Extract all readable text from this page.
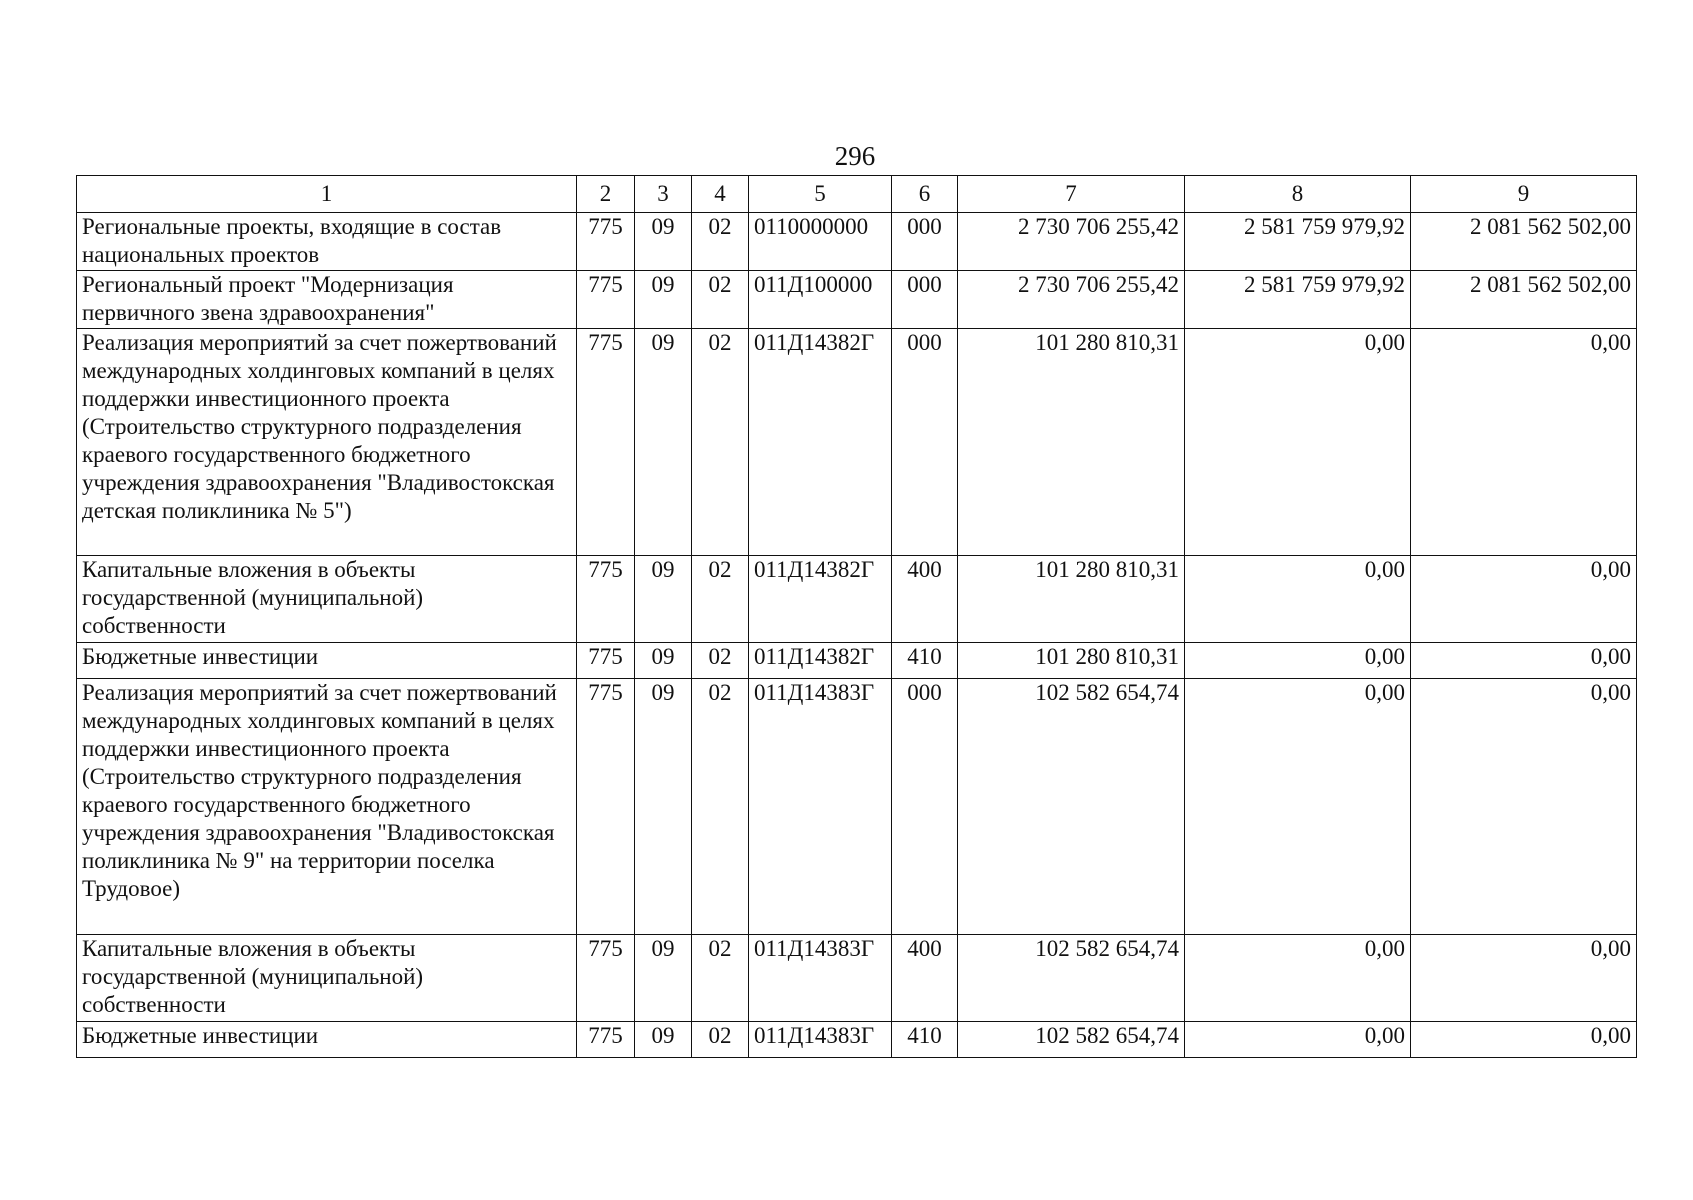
296
1	2	3	4	5	6	7	8	9
Региональные проекты, входящие в состав национальных проектов	775	09	02	0110000000	000	2 730 706 255,42	2 581 759 979,92	2 081 562 502,00
Региональный проект "Модернизация первичного звена здравоохранения"	775	09	02	011Д100000	000	2 730 706 255,42	2 581 759 979,92	2 081 562 502,00
Реализация мероприятий за счет пожертвований международных холдинговых компаний в целях поддержки инвестиционного проекта (Строительство структурного подразделения краевого государственного бюджетного учреждения здравоохранения "Владивостокская детская поликлиника № 5")	775	09	02	011Д14382Г	000	101 280 810,31	0,00	0,00
Капитальные вложения в объекты государственной (муниципальной) собственности	775	09	02	011Д14382Г	400	101 280 810,31	0,00	0,00
Бюджетные инвестиции	775	09	02	011Д14382Г	410	101 280 810,31	0,00	0,00
Реализация мероприятий за счет пожертвований международных холдинговых компаний в целях поддержки инвестиционного проекта (Строительство структурного подразделения краевого государственного бюджетного учреждения здравоохранения "Владивостокская поликлиника № 9" на территории поселка Трудовое)	775	09	02	011Д14383Г	000	102 582 654,74	0,00	0,00
Капитальные вложения в объекты государственной (муниципальной) собственности	775	09	02	011Д14383Г	400	102 582 654,74	0,00	0,00
Бюджетные инвестиции	775	09	02	011Д14383Г	410	102 582 654,74	0,00	0,00
